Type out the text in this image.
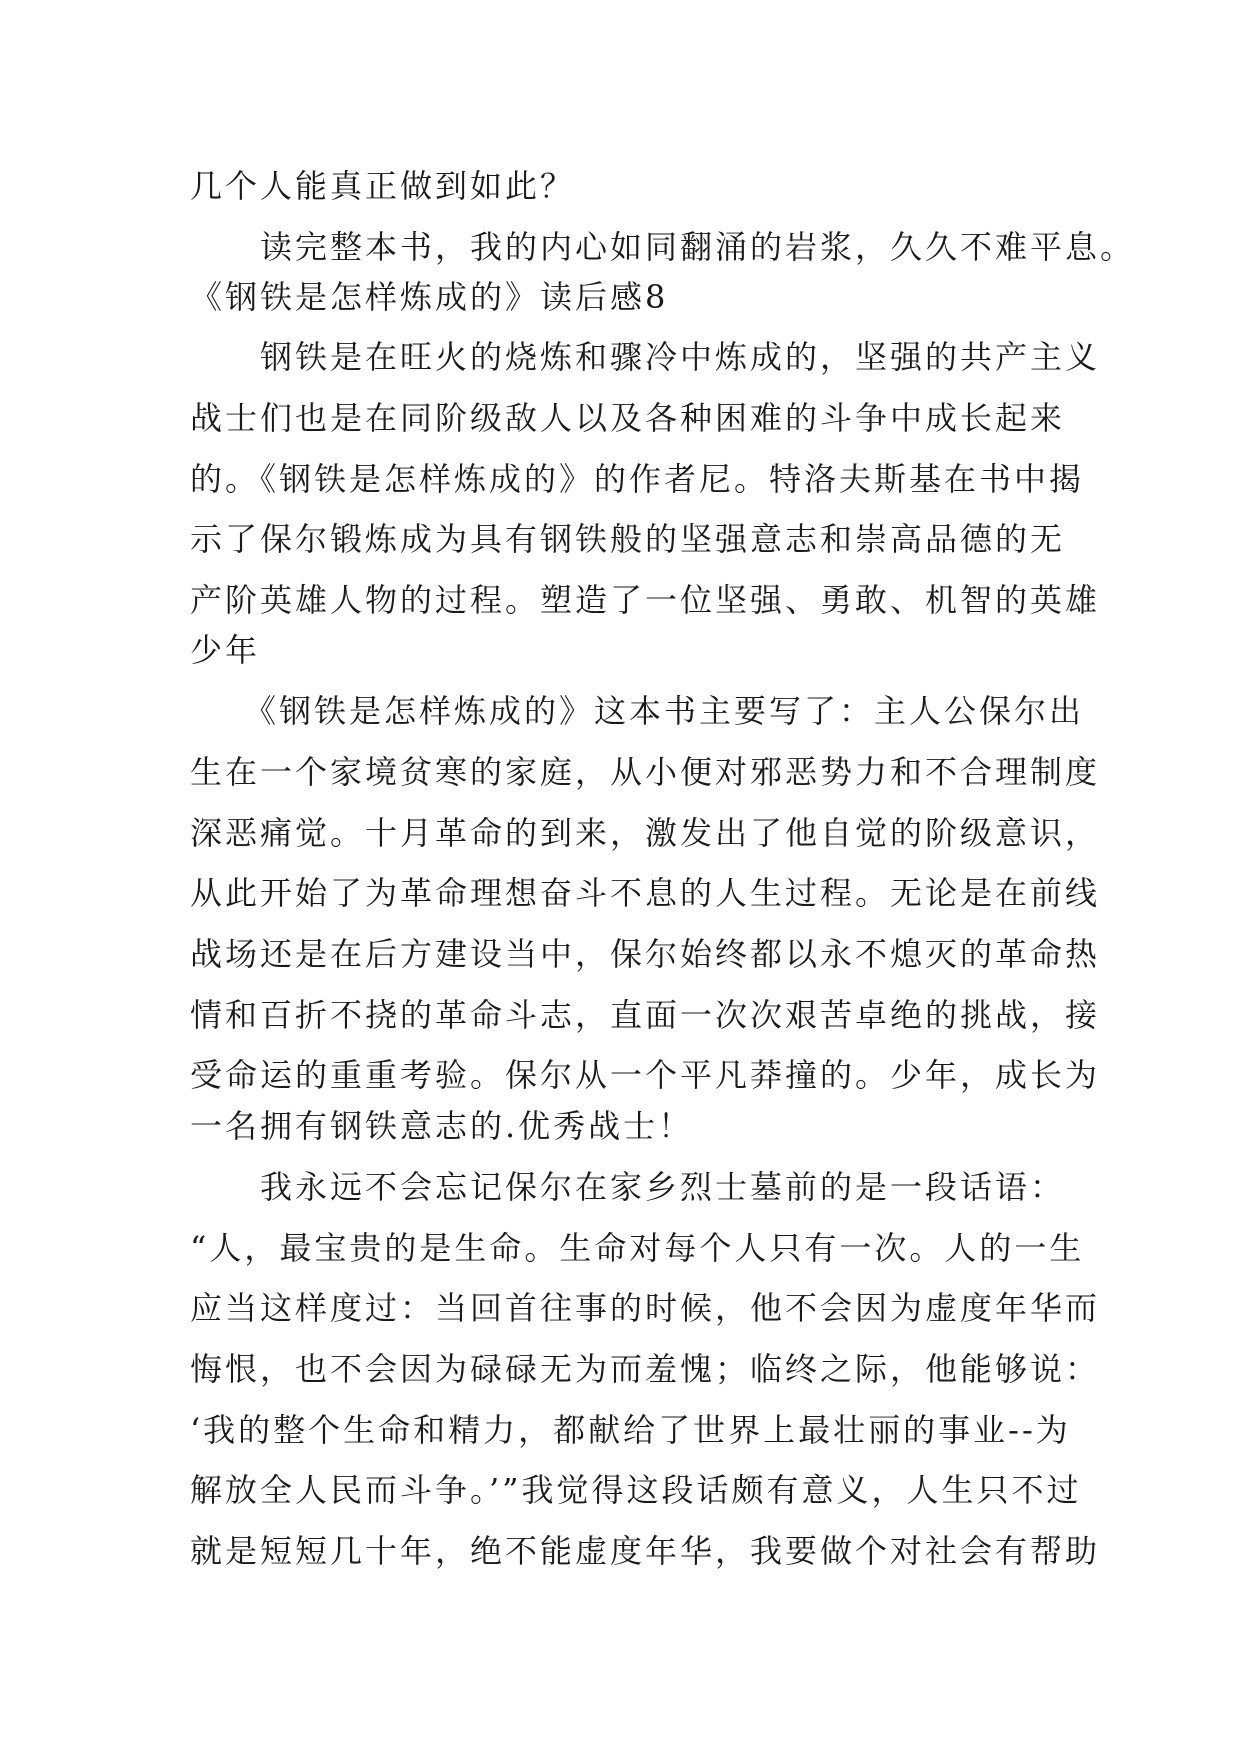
几个人能真正做到如此？
　　读完整本书，我的内心如同翻涌的岩浆，久久不难平息。
《钢铁是怎样炼成的》读后感8
　　钢铁是在旺火的烧炼和骤冷中炼成的，坚强的共产主义
战士们也是在同阶级敌人以及各种困难的斗争中成长起来
的。《钢铁是怎样炼成的》的作者尼。特洛夫斯基在书中揭
示了保尔锻炼成为具有钢铁般的坚强意志和崇高品德的无
产阶英雄人物的过程。塑造了一位坚强、勇敢、机智的英雄
少年
　　《钢铁是怎样炼成的》这本书主要写了：主人公保尔出
生在一个家境贫寒的家庭，从小便对邪恶势力和不合理制度
深恶痛觉。十月革命的到来，激发出了他自觉的阶级意识，
从此开始了为革命理想奋斗不息的人生过程。无论是在前线
战场还是在后方建设当中，保尔始终都以永不熄灭的革命热
情和百折不挠的革命斗志，直面一次次艰苦卓绝的挑战，接
受命运的重重考验。保尔从一个平凡莽撞的。少年，成长为
一名拥有钢铁意志的.优秀战士！
　　我永远不会忘记保尔在家乡烈士墓前的是一段话语：
“人，最宝贵的是生命。生命对每个人只有一次。人的一生
应当这样度过：当回首往事的时候，他不会因为虚度年华而
悔恨，也不会因为碌碌无为而羞愧；临终之际，他能够说：
‘我的整个生命和精力，都献给了世界上最壮丽的事业--为
解放全人民而斗争。’”我觉得这段话颇有意义，人生只不过
就是短短几十年，绝不能虚度年华，我要做个对社会有帮助
